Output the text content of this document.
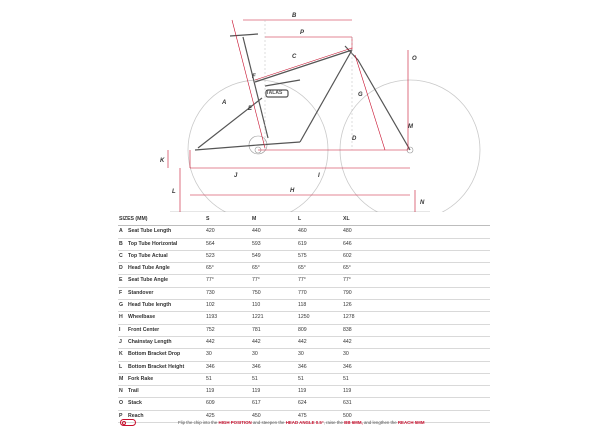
B
P
C	O
G
E
A
F
D
M
K
J	I
L	H
N
TALAS
SIZES (MM)	S	M	L	XL
A Seat Tube Length	420	440	460	480
B Top Tube Horizontal	564	593	619	646
C Top Tube Actual	523	549	575	602
D Head Tube Angle	65°	65°	65°	65°
E Seat Tube Angle	77°	77°	77°	77°
F Standover	730	750	770	790
G Head Tube length	102	110	118	126
H Wheelbase	1193	1221	1250	1278
I Front Center	752	781	809	838
J Chainstay Length	442	442	442	442
K Bottom Bracket Drop	30	30	30	30
L Bottom Bracket Height	346	346	346	346
M Fork Rake	51	51	51	51
N Trail	119	119	119	119
O Stack	609	617	624	631
P Reach	425	450	475	500
Flip the chip into the HIGH POSITION and steepen the HEAD ANGLE 0.5°, raise the BB 6MM, and lengthen the REACH 5MM
